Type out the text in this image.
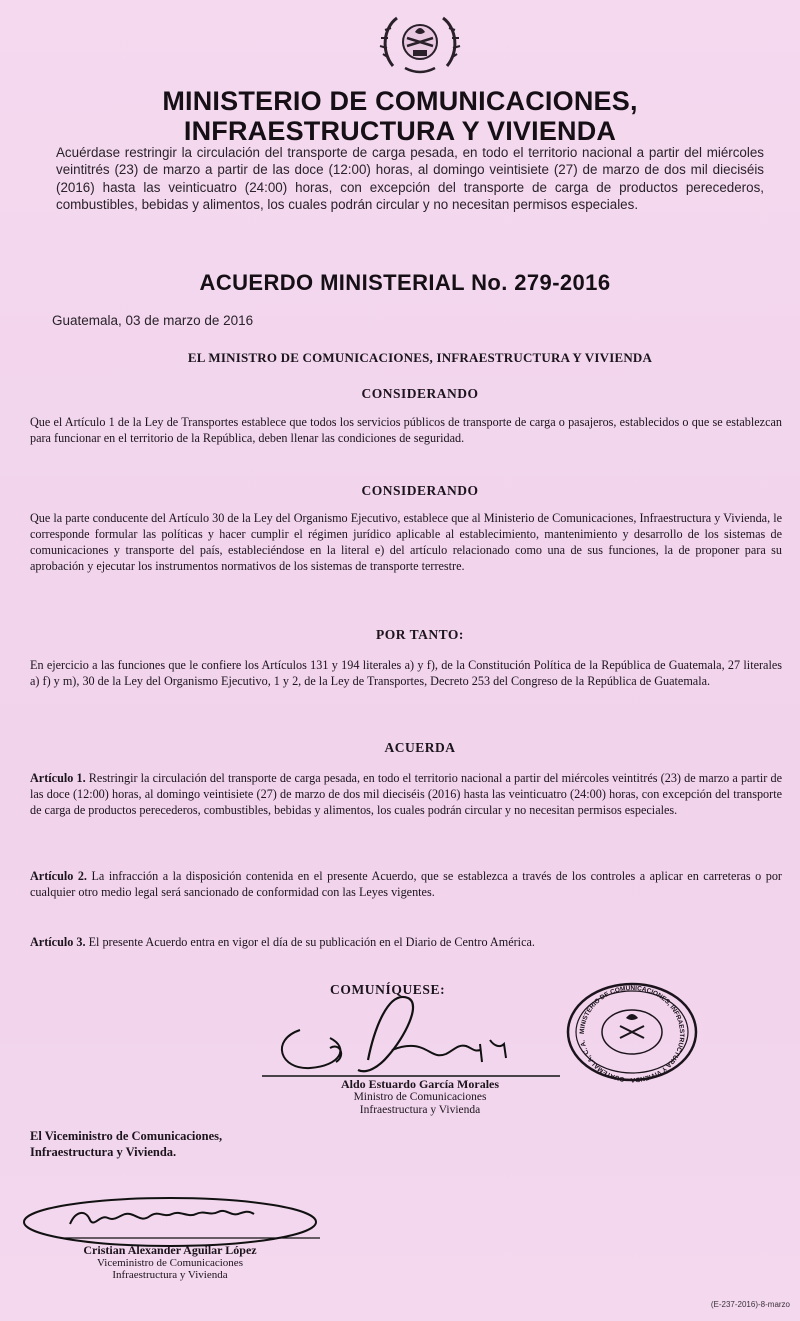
MINISTERIO DE COMUNICACIONES, INFRAESTRUCTURA Y VIVIENDA
Acuérdase restringir la circulación del transporte de carga pesada, en todo el territorio nacional a partir del miércoles veintitrés (23) de marzo a partir de las doce (12:00) horas, al domingo veintisiete (27) de marzo de dos mil dieciséis (2016) hasta las veinticuatro (24:00) horas, con excepción del transporte de carga de productos perecederos, combustibles, bebidas y alimentos, los cuales podrán circular y no necesitan permisos especiales.
ACUERDO MINISTERIAL No. 279-2016
Guatemala, 03 de marzo de 2016
EL MINISTRO DE COMUNICACIONES, INFRAESTRUCTURA Y VIVIENDA
CONSIDERANDO
Que el Artículo 1 de la Ley de Transportes establece que todos los servicios públicos de transporte de carga o pasajeros, establecidos o que se establezcan para funcionar en el territorio de la República, deben llenar las condiciones de seguridad.
CONSIDERANDO
Que la parte conducente del Artículo 30 de la Ley del Organismo Ejecutivo, establece que al Ministerio de Comunicaciones, Infraestructura y Vivienda, le corresponde formular las políticas y hacer cumplir el régimen jurídico aplicable al establecimiento, mantenimiento y desarrollo de los sistemas de comunicaciones y transporte del país, estableciéndose en la literal e) del artículo relacionado como una de sus funciones, la de proponer para su aprobación y ejecutar los instrumentos normativos de los sistemas de transporte terrestre.
POR TANTO:
En ejercicio a las funciones que le confiere los Artículos 131 y 194 literales a) y f), de la Constitución Política de la República de Guatemala, 27 literales a) f) y m), 30 de la Ley del Organismo Ejecutivo, 1 y 2, de la Ley de Transportes, Decreto 253 del Congreso de la República de Guatemala.
ACUERDA
Artículo 1. Restringir la circulación del transporte de carga pesada, en todo el territorio nacional a partir del miércoles veintitrés (23) de marzo a partir de las doce (12:00) horas, al domingo veintisiete (27) de marzo de dos mil dieciséis (2016) hasta las veinticuatro (24:00) horas, con excepción del transporte de carga de productos perecederos, combustibles, bebidas y alimentos, los cuales podrán circular y no necesitan permisos especiales.
Artículo 2. La infracción a la disposición contenida en el presente Acuerdo, que se establezca a través de los controles a aplicar en carreteras o por cualquier otro medio legal será sancionado de conformidad con las Leyes vigentes.
Artículo 3. El presente Acuerdo entra en vigor el día de su publicación en el Diario de Centro América.
COMUNÍQUESE:
Aldo Estuardo García Morales
Ministro de Comunicaciones
Infraestructura y Vivienda
MINISTERIO DE COMUNICACIONES, INFRAESTRUCTURA Y VIVIENDA · GUATEMALA, C. A.
El Viceministro de Comunicaciones,
Infraestructura y Vivienda.
Cristian Alexander Aguilar López
Viceministro de Comunicaciones
Infraestructura y Vivienda
(E-237-2016)-8-marzo
